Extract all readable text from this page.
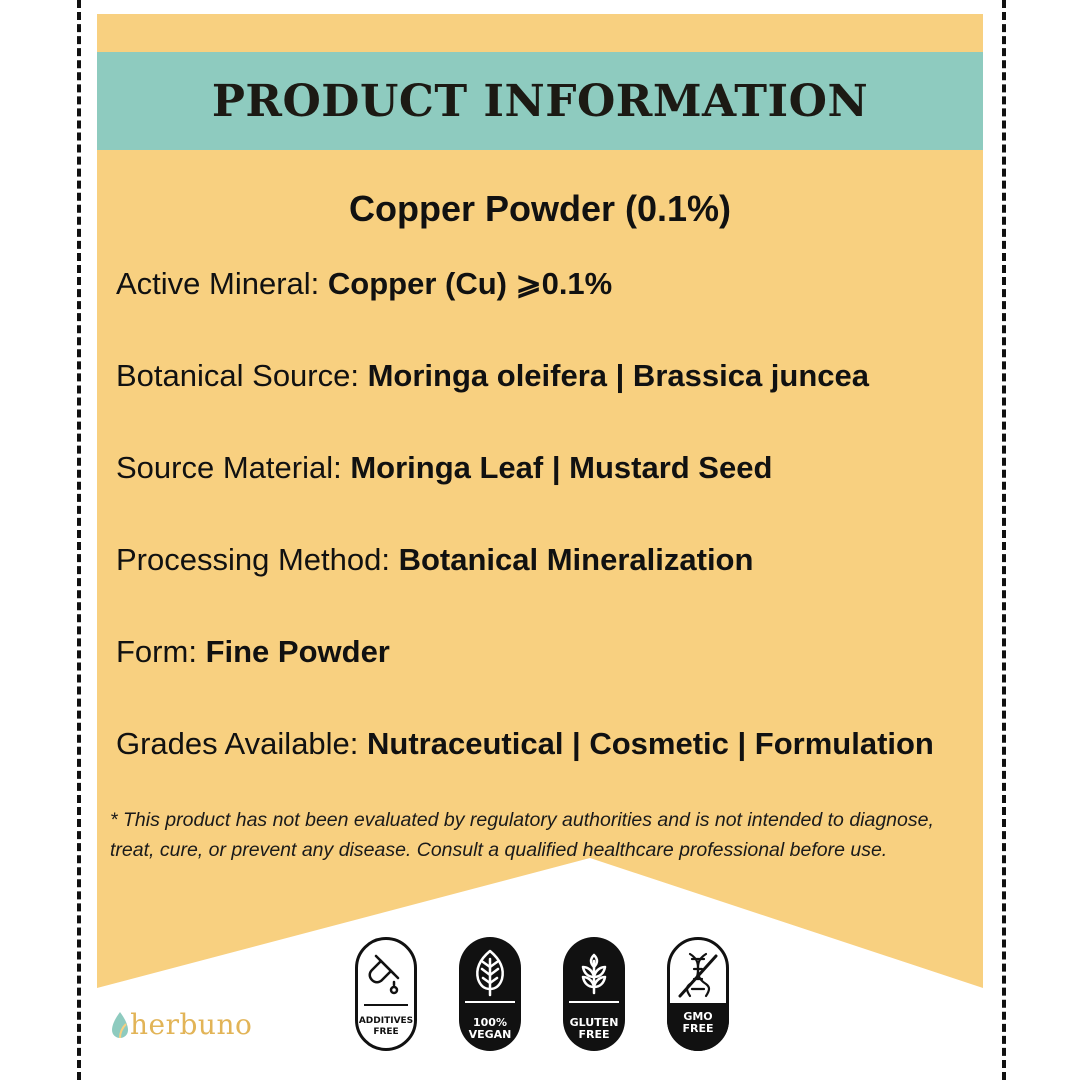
PRODUCT INFORMATION
Copper Powder (0.1%)
Active Mineral: Copper (Cu) ⩾0.1%
Botanical Source: Moringa oleifera | Brassica juncea
Source Material: Moringa Leaf | Mustard Seed
Processing Method: Botanical Mineralization
Form: Fine Powder
Grades Available: Nutraceutical | Cosmetic | Formulation
* This product has not been evaluated by regulatory authorities and is not intended to diagnose, treat, cure, or prevent any disease. Consult a qualified healthcare professional before use.
herbuno	ADDITIVES
FREE
100%
VEGAN
GLUTEN
FREE
GMO
FREE
